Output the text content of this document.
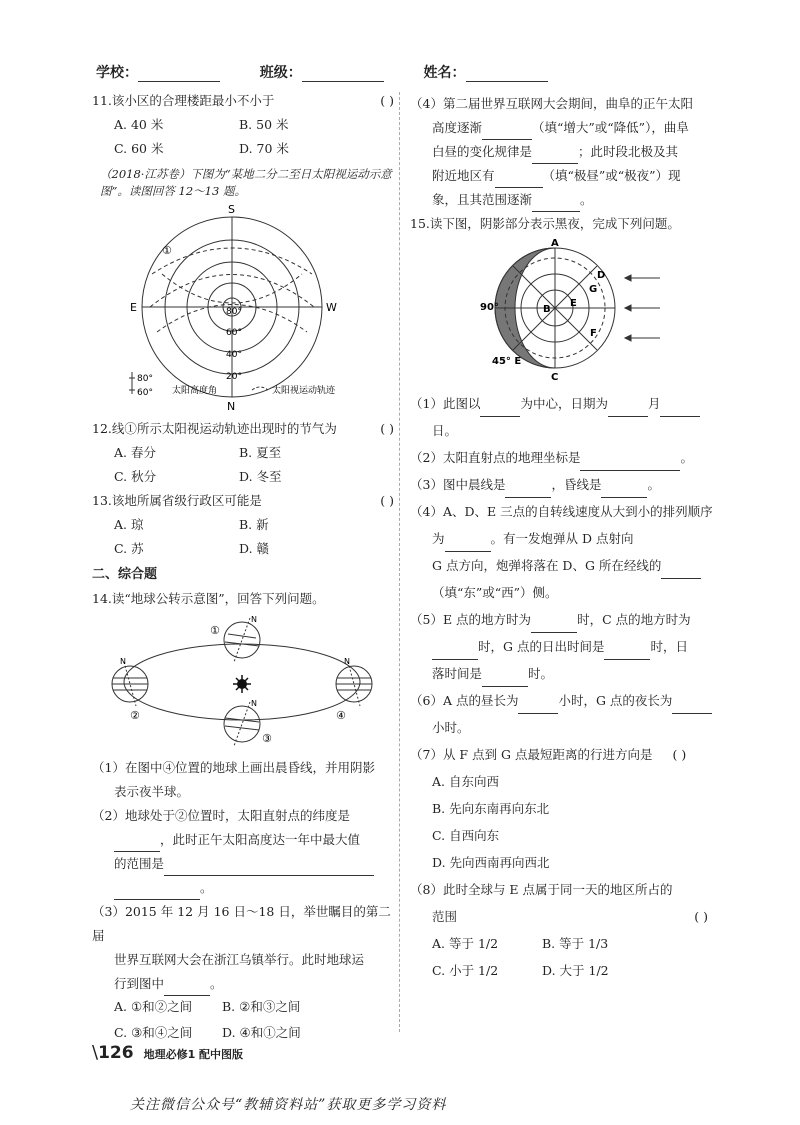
学校：	班级：	姓名：
11.该小区的合理楼距最小不小于	( )
A. 40 米	B. 50 米
C. 60 米	D. 70 米
（2018·江苏卷）下图为“某地二分二至日太阳视运动示意图”。读图回答 12～13 题。
S
E	W
N
80°
60°
40°
20°
①
80°
60° 太阳高度角	太阳视运动轨迹
12.线①所示太阳视运动轨迹出现时的节气为	( )
A. 春分	B. 夏至
C. 秋分	D. 冬至
13.该地所属省级行政区可能是	( )
A. 琼	B. 新
C. 苏	D. 赣
二、综合题
14.读“地球公转示意图”，回答下列问题。
N
N	N
N
①
②
③
④
（1）在图中④位置的地球上画出晨昏线，并用阴影
表示夜半球。
（2）地球处于②位置时，太阳直射点的纬度是
，此时正午太阳高度达一年中最大值
的范围是
。
（3）2015 年 12 月 16 日～18 日，举世瞩目的第二届
世界互联网大会在浙江乌镇举行。此时地球运
行到图中	。
A. ①和②之间	B. ②和③之间
C. ③和④之间	D. ④和①之间
（4）第二届世界互联网大会期间，曲阜的正午太阳
高度逐渐	（填“增大”或“降低”），曲阜
白昼的变化规律是	；此时段北极及其
附近地区有	（填“极昼”或“极夜”）现
象，且其范围逐渐	。
15.读下图，阴影部分表示黑夜，完成下列问题。
A
B
C
D
E
F
G
90°
45° E
（1）此图以	为中心，日期为	月
日。
（2）太阳直射点的地理坐标是	。
（3）图中晨线是	，昏线是	。
（4）A、D、E 三点的自转线速度从大到小的排列顺序
为	。有一发炮弹从 D 点射向
G 点方向，炮弹将落在 D、G 所在经线的
（填“东”或“西”）侧。
（5）E 点的地方时为	时，C 点的地方时为
时，G 点的日出时间是	时，日
落时间是	时。
（6）A 点的昼长为	小时，G 点的夜长为
小时。
（7）从 F 点到 G 点最短距离的行进方向是 ( )
A. 自东向西
B. 先向东南再向东北
C. 自西向东
D. 先向西南再向西北
（8）此时全球与 E 点属于同一天的地区所占的
范围	( )
A. 等于 1/2	B. 等于 1/3
C. 小于 1/2	D. 大于 1/2
\126 地理必修1 配中图版
关注微信公众号“教辅资料站”获取更多学习资料
